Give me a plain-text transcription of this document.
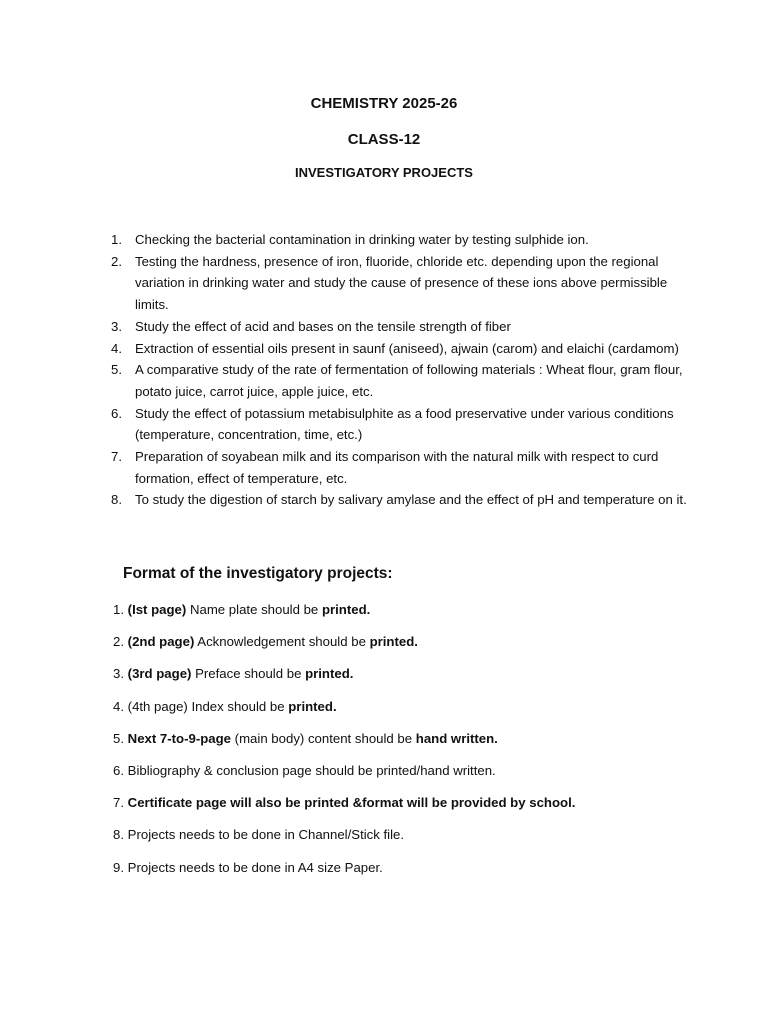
CHEMISTRY 2025-26
CLASS-12
INVESTIGATORY PROJECTS
1. Checking the bacterial contamination in drinking water by testing sulphide ion.
2. Testing the hardness, presence of iron, fluoride, chloride etc. depending upon the regional variation in drinking water and study the cause of presence of these ions above permissible limits.
3. Study the effect of acid and bases on the tensile strength of fiber
4. Extraction of essential oils present in saunf (aniseed), ajwain (carom) and elaichi (cardamom)
5. A comparative study of the rate of fermentation of following materials : Wheat flour, gram flour, potato juice, carrot juice, apple juice, etc.
6. Study the effect of potassium metabisulphite as a food preservative under various conditions (temperature, concentration, time, etc.)
7. Preparation of soyabean milk and its comparison with the natural milk with respect to curd formation, effect of temperature, etc.
8. To study the digestion of starch by salivary amylase and the effect of pH and temperature on it.
Format of the investigatory projects:
1. (Ist page) Name plate should be printed.
2. (2nd page) Acknowledgement should be printed.
3. (3rd page) Preface should be printed.
4. (4th page) Index should be printed.
5. Next 7-to-9-page (main body) content should be hand written.
6. Bibliography & conclusion page should be printed/hand written.
7. Certificate page will also be printed &format will be provided by school.
8. Projects needs to be done in Channel/Stick file.
9. Projects needs to be done in A4 size Paper.
